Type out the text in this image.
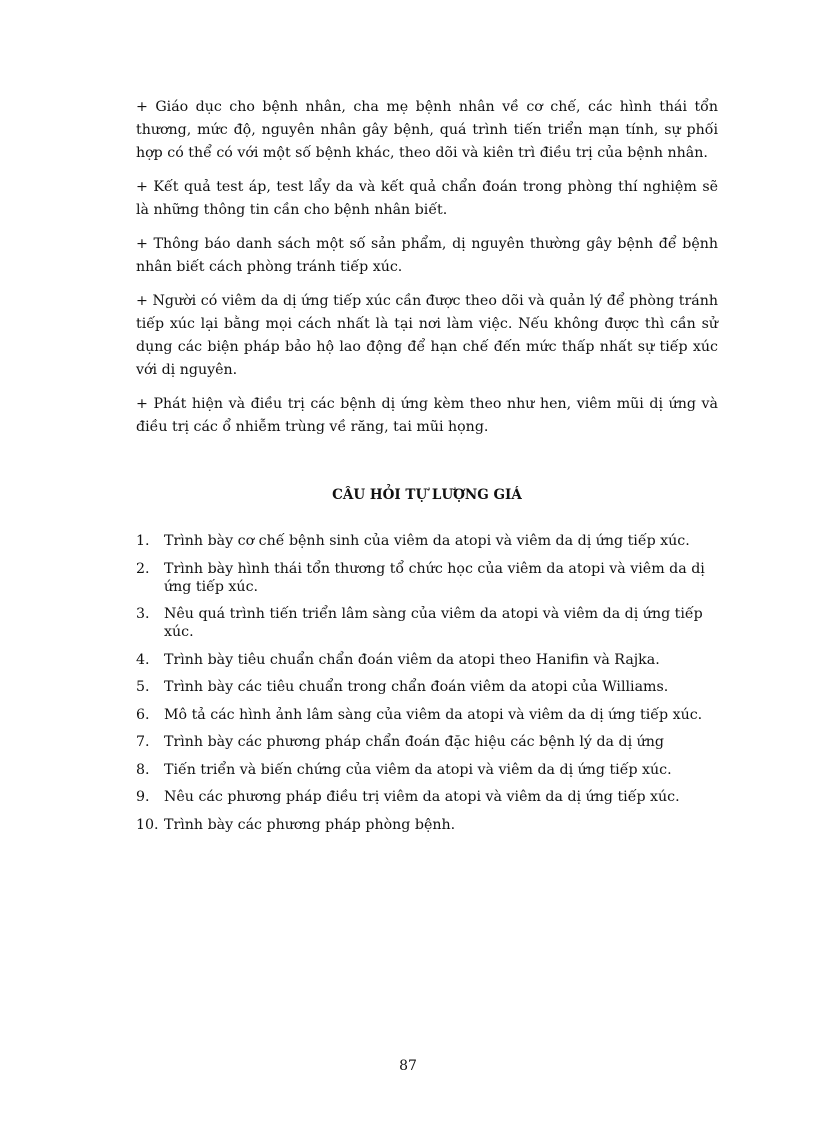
+ Giáo dục cho bệnh nhân, cha mẹ bệnh nhân về cơ chế, các hình thái tổn thương, mức độ, nguyên nhân gây bệnh, quá trình tiến triển mạn tính, sự phối hợp có thể có với một số bệnh khác, theo dõi và kiên trì điều trị của bệnh nhân.

+ Kết quả test áp, test lẩy da và kết quả chẩn đoán trong phòng thí nghiệm sẽ là những thông tin cần cho bệnh nhân biết.

+ Thông báo danh sách một số sản phẩm, dị nguyên thường gây bệnh để bệnh nhân biết cách phòng tránh tiếp xúc.

+ Người có viêm da dị ứng tiếp xúc cần được theo dõi và quản lý để phòng tránh tiếp xúc lại bằng mọi cách nhất là tại nơi làm việc. Nếu không được thì cần sử dụng các biện pháp bảo hộ lao động để hạn chế đến mức thấp nhất sự tiếp xúc với dị nguyên.

+ Phát hiện và điều trị các bệnh dị ứng kèm theo như hen, viêm mũi dị ứng và điều trị các ổ nhiễm trùng về răng, tai mũi họng.

CÂU HỎI TỰ LƯỢNG GIÁ
1.	Trình bày cơ chế bệnh sinh của viêm da atopi và viêm da dị ứng tiếp xúc.
2.	Trình bày hình thái tổn thương tổ chức học của viêm da atopi và viêm da dị ứng tiếp xúc.
3.	Nêu quá trình tiến triển lâm sàng của viêm da atopi và viêm da dị ứng tiếp xúc.
4.	Trình bày tiêu chuẩn chẩn đoán viêm da atopi theo Hanifin và Rajka.
5.	Trình bày các tiêu chuẩn trong chẩn đoán viêm da atopi của Williams.
6.	Mô tả các hình ảnh lâm sàng của viêm da atopi và viêm da dị ứng tiếp xúc.
7.	Trình bày các phương pháp chẩn đoán đặc hiệu các bệnh lý da dị ứng
8.	Tiến triển và biến chứng của viêm da atopi và viêm da dị ứng tiếp xúc.
9.	Nêu các phương pháp điều trị viêm da atopi và viêm da dị ứng tiếp xúc.
10. Trình bày các phương pháp phòng bệnh.
87
